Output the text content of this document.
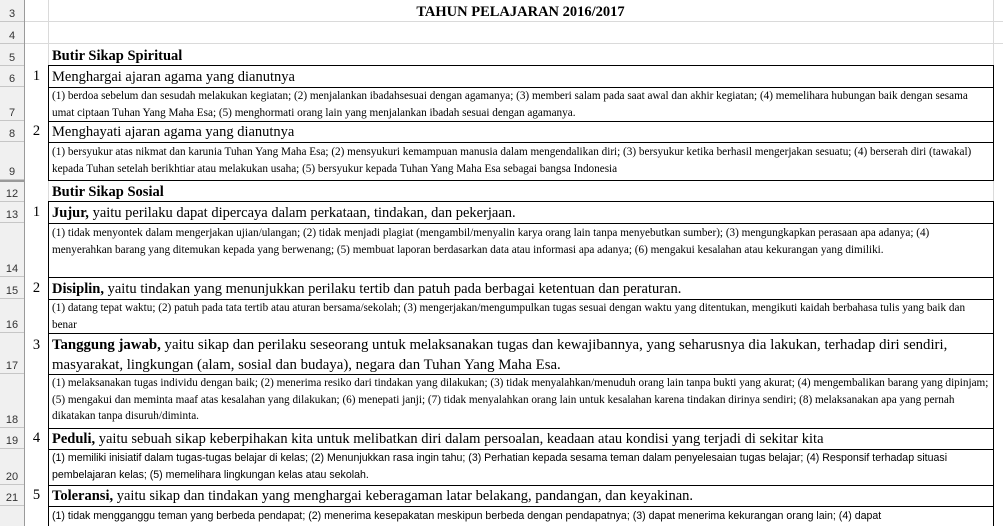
3
4
5
6
7
8
9
12
13
14
15
16
17
18
19
20
21
TAHUN PELAJARAN 2016/2017
Butir Sikap Spiritual
1 Menghargai ajaran agama yang dianutnya
(1) berdoa sebelum dan sesudah melakukan kegiatan; (2) menjalankan ibadahsesuai dengan agamanya; (3) memberi salam pada saat awal dan akhir kegiatan; (4) memelihara hubungan baik dengan sesama umat ciptaan Tuhan Yang Maha Esa; (5) menghormati orang lain yang menjalankan ibadah sesuai dengan agamanya.
2 Menghayati ajaran agama yang dianutnya
(1) bersyukur atas nikmat dan karunia Tuhan Yang Maha Esa; (2) mensyukuri kemampuan manusia dalam mengendalikan diri; (3) bersyukur ketika berhasil mengerjakan sesuatu; (4) berserah diri (tawakal) kepada Tuhan setelah berikhtiar atau melakukan usaha; (5) bersyukur kepada Tuhan Yang Maha Esa sebagai bangsa Indonesia
Butir Sikap Sosial
1 Jujur, yaitu perilaku dapat dipercaya dalam perkataan, tindakan, dan pekerjaan.
(1) tidak menyontek dalam mengerjakan ujian/ulangan; (2) tidak menjadi plagiat (mengambil/menyalin karya orang lain tanpa menyebutkan sumber); (3) mengungkapkan perasaan apa adanya; (4) menyerahkan barang yang ditemukan kepada yang berwenang; (5) membuat laporan berdasarkan data atau informasi apa adanya; (6) mengakui kesalahan atau kekurangan yang dimiliki.
2 Disiplin, yaitu tindakan yang menunjukkan perilaku tertib dan patuh pada berbagai ketentuan dan peraturan.
(1) datang tepat waktu; (2) patuh pada tata tertib atau aturan bersama/sekolah; (3) mengerjakan/mengumpulkan tugas sesuai dengan waktu yang ditentukan, mengikuti kaidah berbahasa tulis yang baik dan benar
3 Tanggung jawab, yaitu sikap dan perilaku seseorang untuk melaksanakan tugas dan kewajibannya, yang seharusnya dia lakukan, terhadap diri sendiri, masyarakat, lingkungan (alam, sosial dan budaya), negara dan Tuhan Yang Maha Esa.
(1) melaksanakan tugas individu dengan baik; (2) menerima resiko dari tindakan yang dilakukan; (3) tidak menyalahkan/menuduh orang lain tanpa bukti yang akurat; (4) mengembalikan barang yang dipinjam; (5) mengakui dan meminta maaf atas kesalahan yang dilakukan; (6) menepati janji; (7) tidak menyalahkan orang lain untuk kesalahan karena tindakan dirinya sendiri; (8) melaksanakan apa yang pernah dikatakan tanpa disuruh/diminta.
4 Peduli, yaitu sebuah sikap keberpihakan kita untuk melibatkan diri dalam persoalan, keadaan atau kondisi yang terjadi di sekitar kita
(1) memiliki inisiatif dalam tugas-tugas belajar di kelas; (2) Menunjukkan rasa ingin tahu; (3) Perhatian kepada sesama teman dalam penyelesaian tugas belajar; (4) Responsif terhadap situasi pembelajaran kelas; (5) memelihara lingkungan kelas atau sekolah.
5 Toleransi, yaitu sikap dan tindakan yang menghargai keberagaman latar belakang, pandangan, dan keyakinan.
(1) tidak mengganggu teman yang berbeda pendapat; (2) menerima kesepakatan meskipun berbeda dengan pendapatnya; (3) dapat menerima kekurangan orang lain; (4) dapat
